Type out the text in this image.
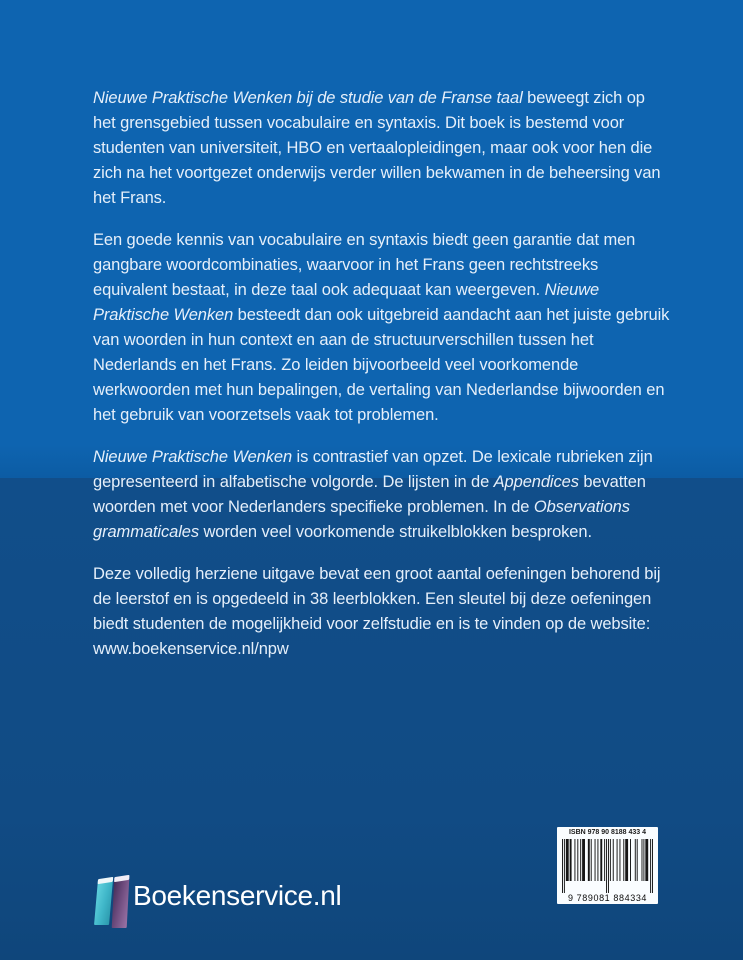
Nieuwe Praktische Wenken bij de studie van de Franse taal beweegt zich op het grensgebied tussen vocabulaire en syntaxis. Dit boek is bestemd voor studenten van universiteit, HBO en vertaalopleidingen, maar ook voor hen die zich na het voortgezet onderwijs verder willen bekwamen in de beheersing van het Frans.

Een goede kennis van vocabulaire en syntaxis biedt geen garantie dat men gangbare woordcombinaties, waarvoor in het Frans geen rechtstreeks equivalent bestaat, in deze taal ook adequaat kan weergeven. Nieuwe Praktische Wenken besteedt dan ook uitgebreid aandacht aan het juiste gebruik van woorden in hun context en aan de structuurverschillen tussen het Nederlands en het Frans. Zo leiden bijvoorbeeld veel voorkomende werkwoorden met hun bepalingen, de vertaling van Nederlandse bijwoorden en het gebruik van voorzetsels vaak tot problemen.

Nieuwe Praktische Wenken is contrastief van opzet. De lexicale rubrieken zijn gepresenteerd in alfabetische volgorde. De lijsten in de Appendices bevatten woorden met voor Nederlanders specifieke problemen. In de Observations grammaticales worden veel voorkomende struikelblokken besproken.

Deze volledig herziene uitgave bevat een groot aantal oefeningen behorend bij de leerstof en is opgedeeld in 38 leerblokken. Een sleutel bij deze oefeningen biedt studenten de mogelijkheid voor zelfstudie en is te vinden op de website: www.boekenservice.nl/npw

Boekenservice.nl
ISBN 978 90 8188 433 4
9 789081 884334
